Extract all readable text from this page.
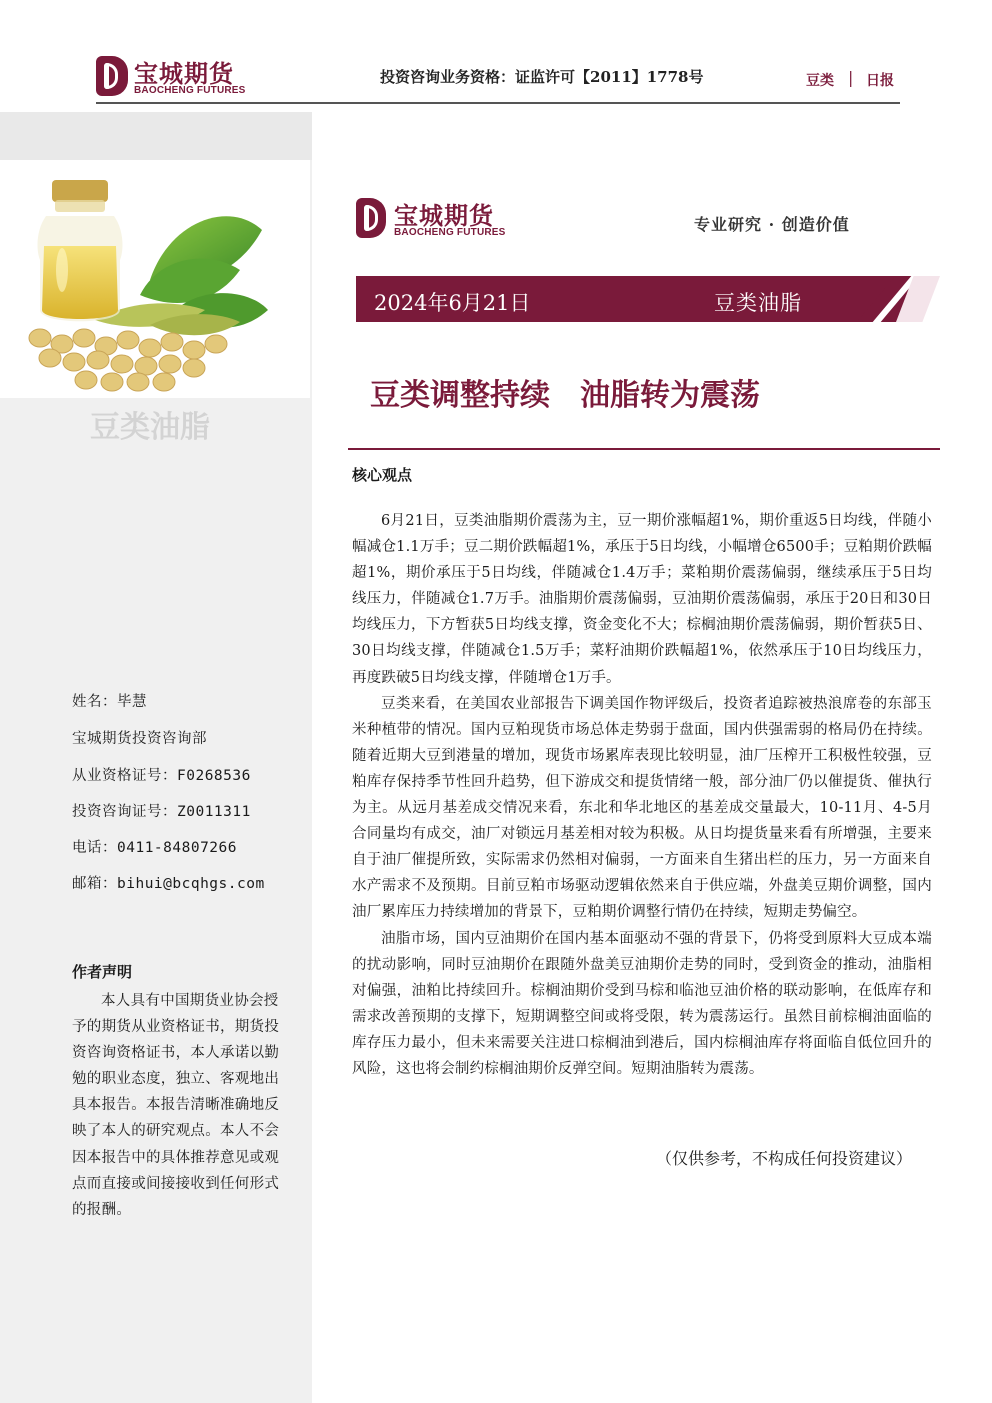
宝城期货
BAOCHENG FUTURES
投资咨询业务资格：证监许可【2011】1778号	豆类 | 日报
豆类油脂
姓名：毕慧
宝城期货投资咨询部
从业资格证号：F0268536
投资咨询证号：Z0011311
电话：0411-84807266
邮箱：bihui@bcqhgs.com
作者声明

本人具有中国期货业协会授予的期货从业资格证书，期货投资咨询资格证书，本人承诺以勤勉的职业态度，独立、客观地出具本报告。本报告清晰准确地反映了本人的研究观点。本人不会因本报告中的具体推荐意见或观点而直接或间接接收到任何形式的报酬。

宝城期货
BAOCHENG FUTURES	专业研究 · 创造价值
2024年6月21日	豆类油脂
豆类调整持续　油脂转为震荡
核心观点

6月21日，豆类油脂期价震荡为主，豆一期价涨幅超1%，期价重返5日均线，伴随小幅减仓1.1万手；豆二期价跌幅超1%，承压于5日均线，小幅增仓6500手；豆粕期价跌幅超1%，期价承压于5日均线，伴随减仓1.4万手；菜粕期价震荡偏弱，继续承压于5日均线压力，伴随减仓1.7万手。油脂期价震荡偏弱，豆油期价震荡偏弱，承压于20日和30日均线压力，下方暂获5日均线支撑，资金变化不大；棕榈油期价震荡偏弱，期价暂获5日、30日均线支撑，伴随减仓1.5万手；菜籽油期价跌幅超1%，依然承压于10日均线压力，再度跌破5日均线支撑，伴随增仓1万手。

豆类来看，在美国农业部报告下调美国作物评级后，投资者追踪被热浪席卷的东部玉米种植带的情况。国内豆粕现货市场总体走势弱于盘面，国内供强需弱的格局仍在持续。随着近期大豆到港量的增加，现货市场累库表现比较明显，油厂压榨开工积极性较强，豆粕库存保持季节性回升趋势，但下游成交和提货情绪一般，部分油厂仍以催提货、催执行为主。从远月基差成交情况来看，东北和华北地区的基差成交量最大，10-11月、4-5月合同量均有成交，油厂对锁远月基差相对较为积极。从日均提货量来看有所增强，主要来自于油厂催提所致，实际需求仍然相对偏弱，一方面来自生猪出栏的压力，另一方面来自水产需求不及预期。目前豆粕市场驱动逻辑依然来自于供应端，外盘美豆期价调整，国内油厂累库压力持续增加的背景下，豆粕期价调整行情仍在持续，短期走势偏空。

油脂市场，国内豆油期价在国内基本面驱动不强的背景下，仍将受到原料大豆成本端的扰动影响，同时豆油期价在跟随外盘美豆油期价走势的同时，受到资金的推动，油脂相对偏强，油粕比持续回升。棕榈油期价受到马棕和临池豆油价格的联动影响，在低库存和需求改善预期的支撑下，短期调整空间或将受限，转为震荡运行。虽然目前棕榈油面临的库存压力最小，但未来需要关注进口棕榈油到港后，国内棕榈油库存将面临自低位回升的风险，这也将会制约棕榈油期价反弹空间。短期油脂转为震荡。

（仅供参考，不构成任何投资建议）
